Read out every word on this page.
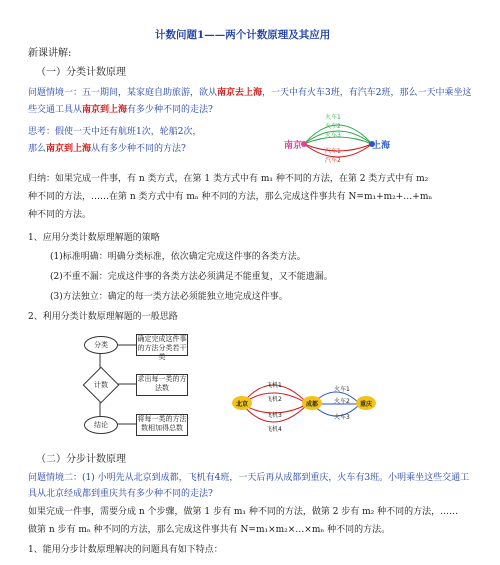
计数问题1——两个计数原理及其应用
新课讲解:
（一）分类计数原理
问题情境一：五一期间，某家庭自助旅游，欲从南京去上海，一天中有火车3班，有汽车2班，那么一天中乘坐这
些交通工具从南京到上海有多少种不同的走法?
思考：假使一天中还有航班1次，轮船2次，
那么南京到上海从有多少种不同的方法?
火车1
火车2
火车3
汽车1
汽车2
南京	上海
归纳：如果完成一件事，有 n 类方式，在第 1 类方式中有 m₁ 种不同的方法，在第 2 类方式中有 m₂
种不同的方法，……在第 n 类方式中有 mₙ 种不同的方法，那么完成这件事共有 N=m₁+m₂+…+mₙ
种不同的方法。
1、应用分类计数原理解题的策略
(1)标准明确：明确分类标准，依次确定完成这件事的各类方法。
(2)不重不漏：完成这件事的各类方法必须满足不能重复，又不能遗漏。
(3)方法独立：确定的每一类方法必须能独立地完成这件事。
2、利用分类计数原理解题的一般思路
分类
计数
结论
确定完成这件事的方法分类若干类
求出每一类的方法数
将每一类的方法数相加得总数
北京	成都	重庆
飞机1
飞机2
飞机3
飞机4
火车1
火车2
火车3
（二）分步计数原理
问题情境二：(1) 小明先从北京到成都，飞机有4班，一天后再从成都到重庆，火车有3班。小明乘坐这些交通工
具从北京经成都到重庆共有多少种不同的走法?
如果完成一件事，需要分成 n 个步骤，做第 1 步有 m₁ 种不同的方法，做第 2 步有 m₂ 种不同的方法，……
做第 n 步有 mₙ 种不同的方法，那么完成这件事共有 N=m₁×m₂×…×mₙ 种不同的方法。
1、能用分步计数原理解决的问题具有如下特点：
